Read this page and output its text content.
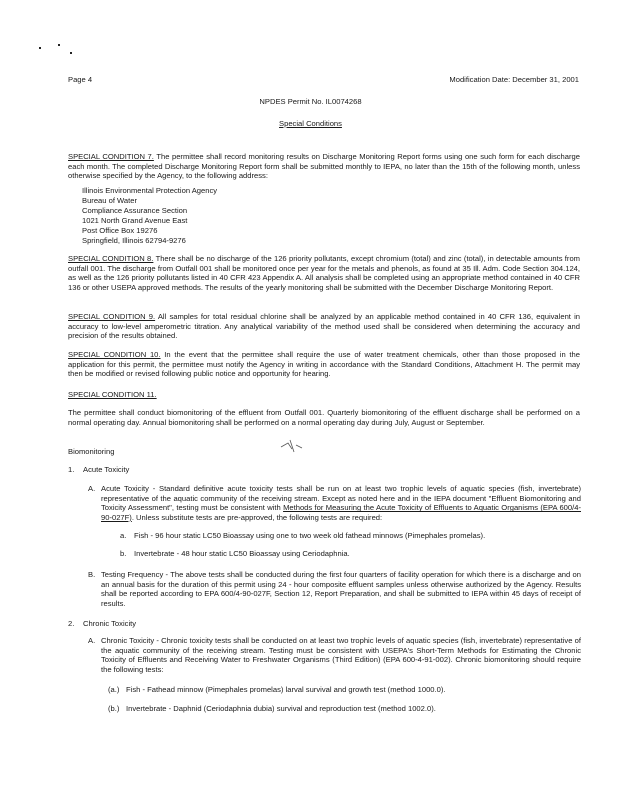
Page 4	Modification Date: December 31, 2001
NPDES Permit No. IL0074268
Special Conditions
SPECIAL CONDITION 7. The permittee shall record monitoring results on Discharge Monitoring Report forms using one such form for each discharge each month. The completed Discharge Monitoring Report form shall be submitted monthly to IEPA, no later than the 15th of the following month, unless otherwise specified by the Agency, to the following address:
Illinois Environmental Protection Agency
Bureau of Water
Compliance Assurance Section
1021 North Grand Avenue East
Post Office Box 19276
Springfield, Illinois 62794-9276
SPECIAL CONDITION 8. There shall be no discharge of the 126 priority pollutants, except chromium (total) and zinc (total), in detectable amounts from outfall 001. The discharge from Outfall 001 shall be monitored once per year for the metals and phenols, as found at 35 Ill. Adm. Code Section 304.124, as well as the 126 priority pollutants listed in 40 CFR 423 Appendix A. All analysis shall be completed using an appropriate method contained in 40 CFR 136 or other USEPA approved methods. The results of the yearly monitoring shall be submitted with the December Discharge Monitoring Report.
SPECIAL CONDITION 9. All samples for total residual chlorine shall be analyzed by an applicable method contained in 40 CFR 136, equivalent in accuracy to low-level amperometric titration. Any analytical variability of the method used shall be considered when determining the accuracy and precision of the results obtained.
SPECIAL CONDITION 10. In the event that the permittee shall require the use of water treatment chemicals, other than those proposed in the application for this permit, the permittee must notify the Agency in writing in accordance with the Standard Conditions, Attachment H. The permit may then be modified or revised following public notice and opportunity for hearing.
SPECIAL CONDITION 11.
The permittee shall conduct biomonitoring of the effluent from Outfall 001. Quarterly biomonitoring of the effluent discharge shall be performed on a normal operating day. Annual biomonitoring shall be performed on a normal operating day during July, August or September.
Biomonitoring
1. Acute Toxicity
A. Acute Toxicity - Standard definitive acute toxicity tests shall be run on at least two trophic levels of aquatic species (fish, invertebrate) representative of the aquatic community of the receiving stream. Except as noted here and in the IEPA document "Effluent Biomonitoring and Toxicity Assessment", testing must be consistent with Methods for Measuring the Acute Toxicity of Effluents to Aquatic Organisms (EPA 600/4-90-027F). Unless substitute tests are pre-approved, the following tests are required:
a. Fish - 96 hour static LC50 Bioassay using one to two week old fathead minnows (Pimephales promelas).
b. Invertebrate - 48 hour static LC50 Bioassay using Ceriodaphnia.
B. Testing Frequency - The above tests shall be conducted during the first four quarters of facility operation for which there is a discharge and on an annual basis for the duration of this permit using 24 - hour composite effluent samples unless otherwise authorized by the Agency. Results shall be reported according to EPA 600/4-90-027F, Section 12, Report Preparation, and shall be submitted to IEPA within 45 days of receipt of results.
2. Chronic Toxicity
A. Chronic Toxicity - Chronic toxicity tests shall be conducted on at least two trophic levels of aquatic species (fish, invertebrate) representative of the aquatic community of the receiving stream. Testing must be consistent with USEPA's Short-Term Methods for Estimating the Chronic Toxicity of Effluents and Receiving Water to Freshwater Organisms (Third Edition) (EPA 600-4-91-002). Chronic biomonitoring should require the following tests:
(a.) Fish - Fathead minnow (Pimephales promelas) larval survival and growth test (method 1000.0).
(b.) Invertebrate - Daphnid (Ceriodaphnia dubia) survival and reproduction test (method 1002.0).
